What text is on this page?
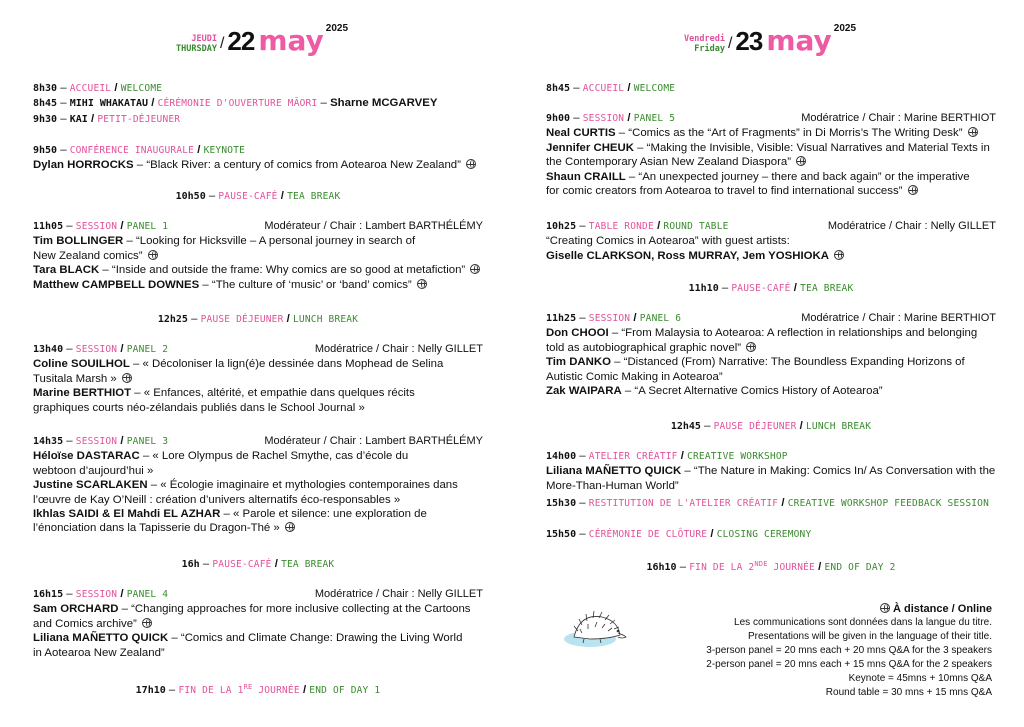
JEUDI
THURSDAY / 22 may 2025
8h30 – ACCUEIL / WELCOME
8h45 – MIHI WHAKATAU / CÉRÉMONIE D'OUVERTURE MĀORI – Sharne MCGARVEY
9h30 – KAI / PETIT-DÉJEUNER
9h50 – CONFÉRENCE INAUGURALE / KEYNOTE
Dylan HORROCKS – “Black River: a century of comics from Aotearoa New Zealand”
10h50 – PAUSE-CAFÉ / TEA BREAK
11h05 – SESSION / PANEL 1	Modérateur / Chair : Lambert BARTHÉLÉMY
Tim BOLLINGER – “Looking for Hicksville – A personal journey in search of New Zealand comics”
Tara BLACK – “Inside and outside the frame: Why comics are so good at metafiction”
Matthew CAMPBELL DOWNES – “The culture of ‘music’ or ‘band’ comics”
12h25 – PAUSE DÉJEUNER / LUNCH BREAK
13h40 – SESSION / PANEL 2	Modératrice / Chair : Nelly GILLET
Coline SOUILHOL – « Décoloniser la lign(é)e dessinée dans Mophead de Selina Tusitala Marsh »
Marine BERTHIOT – « Enfances, altérité, et empathie dans quelques récits graphiques courts néo-zélandais publiés dans le School Journal »
14h35 – SESSION / PANEL 3	Modérateur / Chair : Lambert BARTHÉLÉMY
Héloïse DASTARAC – « Lore Olympus de Rachel Smythe, cas d’école du webtoon d’aujourd’hui »
Justine SCARLAKEN – « Écologie imaginaire et mythologies contemporaines dans l’œuvre de Kay O’Neill : création d’univers alternatifs éco-responsables »
Ikhlas SAIDI & El Mahdi EL AZHAR – « Parole et silence: une exploration de l’énonciation dans la Tapisserie du Dragon-Thé »
16h – PAUSE-CAFÉ / TEA BREAK
16h15 – SESSION / PANEL 4	Modératrice / Chair : Nelly GILLET
Sam ORCHARD – “Changing approaches for more inclusive collecting at the Cartoons and Comics archive”
Liliana MAÑETTO QUICK – “Comics and Climate Change: Drawing the Living World in Aotearoa New Zealand”
17h10 – FIN DE LA 1RE JOURNÉE / END OF DAY 1
Vendredi
Friday / 23 may 2025
8h45 – ACCUEIL / WELCOME
9h00 – SESSION / PANEL 5	Modératrice / Chair : Marine BERTHIOT
Neal CURTIS – “Comics as the “Art of Fragments” in Di Morris’s The Writing Desk”
Jennifer CHEUK – “Making the Invisible, Visible: Visual Narratives and Material Texts in the Contemporary Asian New Zealand Diaspora”
Shaun CRAILL – “An unexpected journey – there and back again” or the imperative for comic creators from Aotearoa to travel to find international success”
10h25 – TABLE RONDE / ROUND TABLE	Modératrice / Chair : Nelly GILLET
“Creating Comics in Aotearoa” with guest artists:
Giselle CLARKSON, Ross MURRAY, Jem YOSHIOKA
11h10 – PAUSE-CAFÉ / TEA BREAK
11h25 – SESSION / PANEL 6	Modératrice / Chair : Marine BERTHIOT
Don CHOOI – “From Malaysia to Aotearoa: A reflection in relationships and belonging told as autobiographical graphic novel”
Tim DANKO – “Distanced (From) Narrative: The Boundless Expanding Horizons of Autistic Comic Making in Aotearoa”
Zak WAIPARA – “A Secret Alternative Comics History of Aotearoa”
12h45 – PAUSE DÉJEUNER / LUNCH BREAK
14h00 – ATELIER CRÉATIF / CREATIVE WORKSHOP
Liliana MAÑETTO QUICK – “The Nature in Making: Comics In/ As Conversation with the More-Than-Human World”
15h30 – RESTITUTION DE L'ATELIER CRÉATIF / CREATIVE WORKSHOP FEEDBACK SESSION
15h50 – CÉRÉMONIE DE CLÔTURE / CLOSING CEREMONY
16h10 – FIN DE LA 2NDE JOURNÉE / END OF DAY 2
À distance / Online
Les communications sont données dans la langue du titre.
Presentations will be given in the language of their title.
3-person panel = 20 mns each + 20 mns Q&A for the 3 speakers
2-person panel = 20 mns each + 15 mns Q&A for the 2 speakers
Keynote = 45mns + 10mns Q&A
Round table = 30 mns + 15 mns Q&A
